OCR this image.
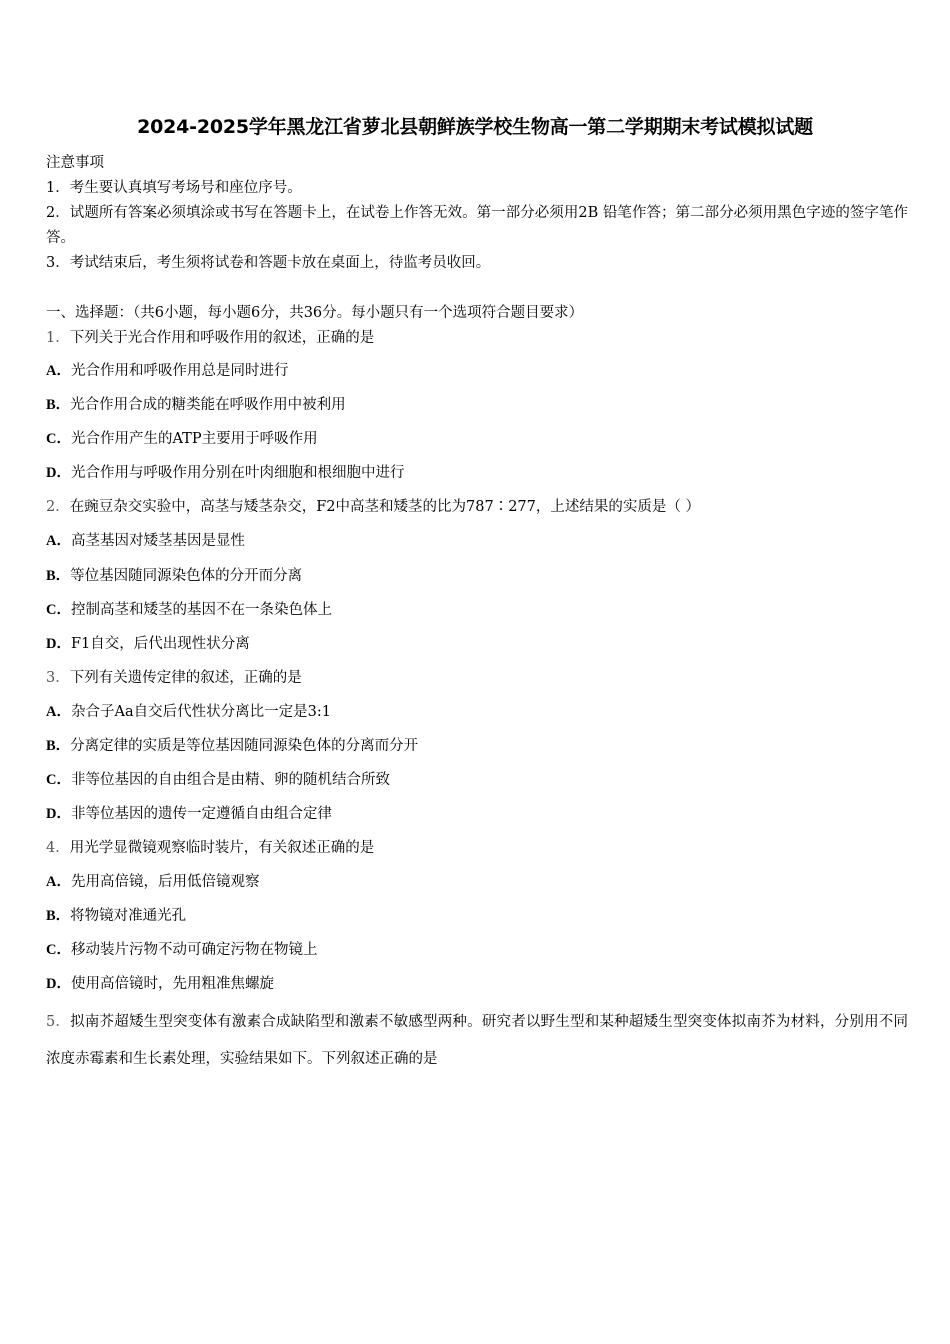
2024-2025学年黑龙江省萝北县朝鲜族学校生物高一第二学期期末考试模拟试题
注意事项
1．考生要认真填写考场号和座位序号。
2．试题所有答案必须填涂或书写在答题卡上，在试卷上作答无效。第一部分必须用2B 铅笔作答；第二部分必须用黑色字迹的签字笔作答。
3．考试结束后，考生须将试卷和答题卡放在桌面上，待监考员收回。
一、选择题：（共6小题，每小题6分，共36分。每小题只有一个选项符合题目要求）
1．下列关于光合作用和呼吸作用的叙述，正确的是
A．光合作用和呼吸作用总是同时进行
B．光合作用合成的糖类能在呼吸作用中被利用
C．光合作用产生的ATP主要用于呼吸作用
D．光合作用与呼吸作用分别在叶肉细胞和根细胞中进行
2．在豌豆杂交实验中，高茎与矮茎杂交，F2中高茎和矮茎的比为787∶277，上述结果的实质是（ ）
A．高茎基因对矮茎基因是显性
B．等位基因随同源染色体的分开而分离
C．控制高茎和矮茎的基因不在一条染色体上
D．F1自交，后代出现性状分离
3．下列有关遗传定律的叙述，正确的是
A．杂合子Aa自交后代性状分离比一定是3:1
B．分离定律的实质是等位基因随同源染色体的分离而分开
C．非等位基因的自由组合是由精、卵的随机结合所致
D．非等位基因的遗传一定遵循自由组合定律
4．用光学显微镜观察临时装片，有关叙述正确的是
A．先用高倍镜，后用低倍镜观察
B．将物镜对准通光孔
C．移动装片污物不动可确定污物在物镜上
D．使用高倍镜时，先用粗准焦螺旋
5．拟南芥超矮生型突变体有激素合成缺陷型和激素不敏感型两种。研究者以野生型和某种超矮生型突变体拟南芥为材料，分别用不同浓度赤霉素和生长素处理，实验结果如下。下列叙述正确的是
